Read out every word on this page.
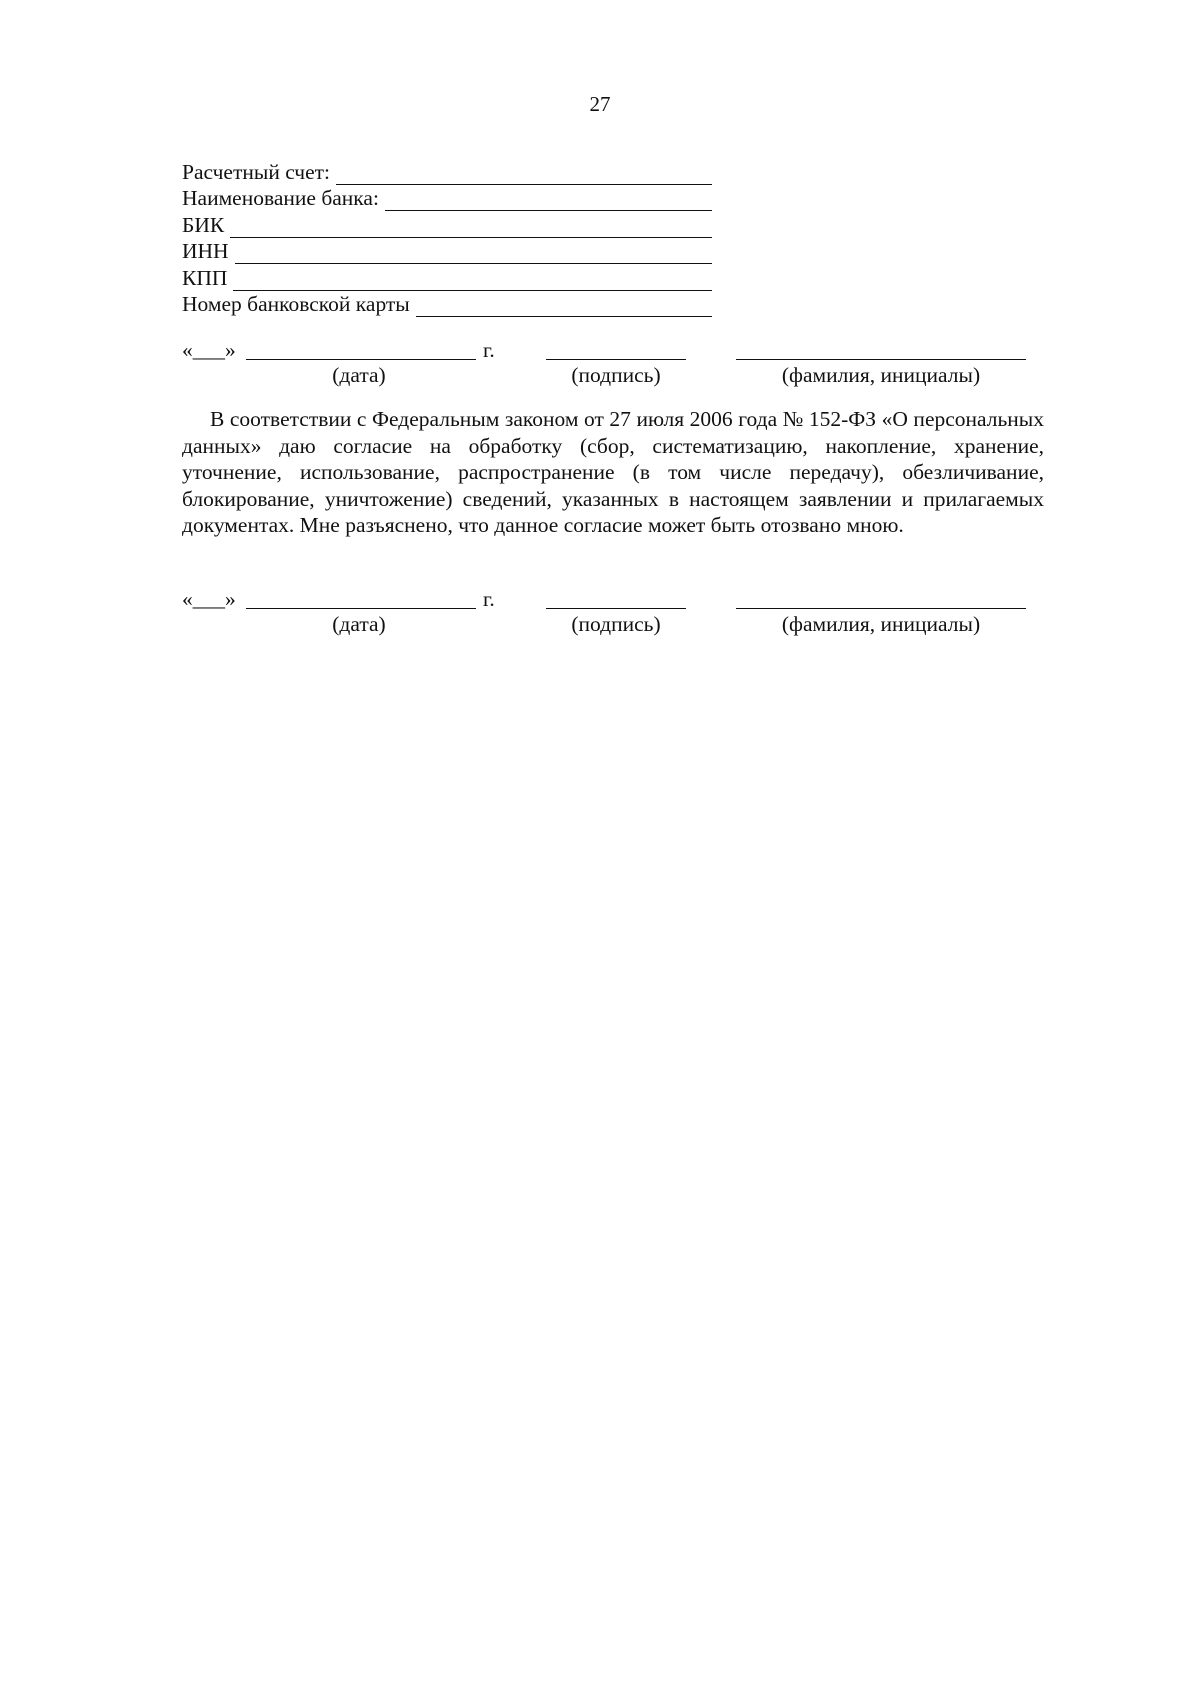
27
Расчетный счет:
Наименование банка:
БИК
ИНН
КПП
Номер банковской карты
«___»	г.
(дата)	(подпись)	(фамилия, инициалы)

В соответствии с Федеральным законом от 27 июля 2006 года № 152-ФЗ «О персональных данных» даю согласие на обработку (сбор, систематизацию, накопление, хранение, уточнение, использование, распространение (в том числе передачу), обезличивание, блокирование, уничтожение) сведений, указанных в настоящем заявлении и прилагаемых документах. Мне разъяснено, что данное согласие может быть отозвано мною.

«___»	г.
(дата)	(подпись)	(фамилия, инициалы)
